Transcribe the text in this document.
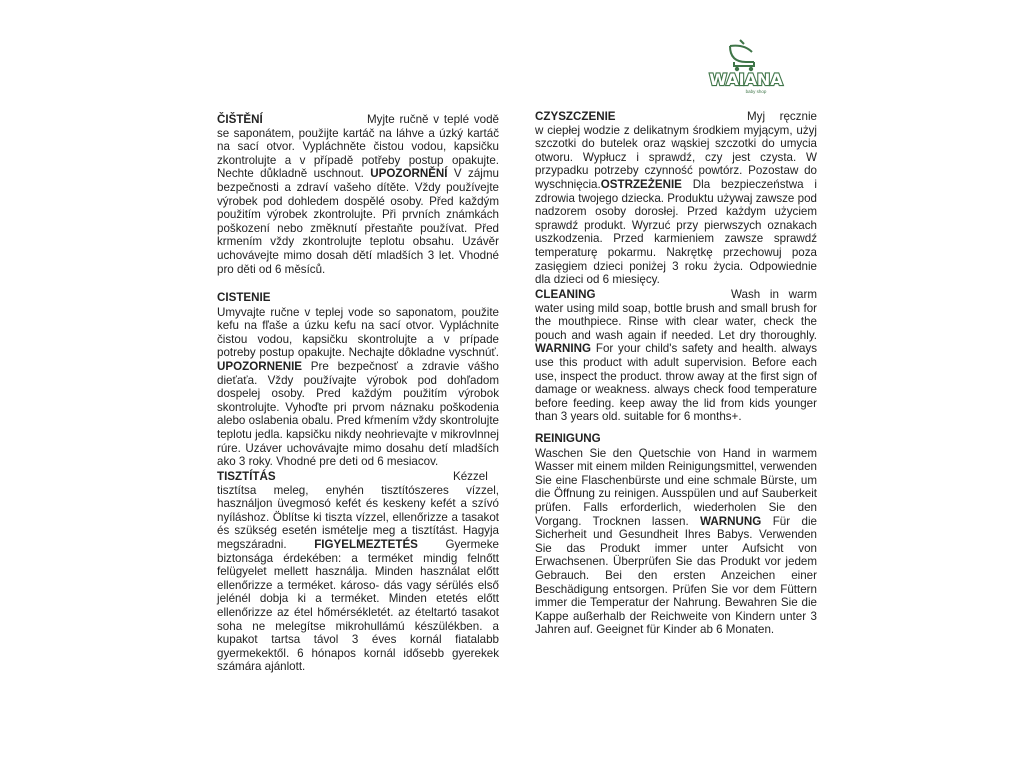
WAIANA
baby shop

ČIŠTĚNÍ	Myjte ručně v teplé vodě se saponátem, použijte kartáč na láhve a úzký kartáč na sací otvor. Vypláchněte čistou vodou, kapsičku zkontrolujte a v případě potřeby postup opakujte. Nechte důkladně uschnout. UPOZORNĚNÍ V zájmu bezpečnosti a zdraví vašeho dítěte. Vždy používejte výrobek pod dohledem dospělé osoby. Před každým použitím výrobek zkontrolujte. Při prvních známkách poškození nebo změknutí přestaňte používat. Před krmením vždy zkontrolujte teplotu obsahu. Uzávěr uchovávejte mimo dosah dětí mladších 3 let. Vhodné pro děti od 6 měsíců.

CISTENIE

Umyvajte ručne v teplej vode so saponatom, použite kefu na fľaše a úzku kefu na sací otvor. Vypláchnite čistou vodou, kapsičku skontrolujte a v prípade potreby postup opakujte. Nechajte dôkladne vyschnúť. UPOZORNENIE Pre bezpečnosť a zdravie vášho dieťaťa. Vždy používajte výrobok pod dohľadom dospelej osoby. Pred každým použitím výrobok skontrolujte. Vyhoďte pri prvom náznaku poškodenia alebo oslabenia obalu. Pred kŕmením vždy skontrolujte teplotu jedla. kapsičku nikdy neohrievajte v mikrovlnnej rúre. Uzáver uchovávajte mimo dosahu detí mladších ako 3 roky. Vhodné pre deti od 6 mesiacov.

TISZTÍTÁS	Kézzel tisztítsa meleg, enyhén tisztítószeres vízzel, használjon üvegmosó kefét és keskeny kefét a szívó nyíláshoz. Öblítse ki tiszta vízzel, ellenőrizze a tasakot és szükség esetén ismételje meg a tisztítást. Hagyja megszáradni. FIGYELMEZTETÉS Gyermeke biztonsága érdekében: a terméket mindig felnőtt felügyelet mellett használja. Minden használat előtt ellenőrizze a terméket. károso- dás vagy sérülés első jelénél dobja ki a terméket. Minden etetés előtt ellenőrizze az étel hőmérsékletét. az ételtartó tasakot soha ne melegítse mikrohullámú készülékben. a kupakot tartsa távol 3 éves kornál fiatalabb gyermekektől. 6 hónapos kornál idősebb gyerekek számára ajánlott.

CZYSZCZENIE	Myj ręcznie w ciepłej wodzie z delikatnym środkiem myjącym, użyj szczotki do butelek oraz wąskiej szczotki do umycia otworu. Wypłucz i sprawdź, czy jest czysta. W przypadku potrzeby czynność powtórz. Pozostaw do wyschnięcia.OSTRZEŻENIE Dla bezpieczeństwa i zdrowia twojego dziecka. Produktu używaj zawsze pod nadzorem osoby dorosłej. Przed każdym użyciem sprawdź produkt. Wyrzuć przy pierwszych oznakach uszkodzenia. Przed karmieniem zawsze sprawdź temperaturę pokarmu. Nakrętkę przechowuj poza zasięgiem dzieci poniżej 3 roku życia. Odpowiednie dla dzieci od 6 miesięcy.

CLEANING	Wash in warm water using mild soap, bottle brush and small brush for the mouthpiece. Rinse with clear water, check the pouch and wash again if needed. Let dry thoroughly. WARNING For your child's safety and health. always use this product with adult supervision. Before each use, inspect the product. throw away at the first sign of damage or weakness. always check food temperature before feeding. keep away the lid from kids younger than 3 years old. suitable for 6 months+.

REINIGUNG

Waschen Sie den Quetschie von Hand in warmem Wasser mit einem milden Reinigungsmittel, verwenden Sie eine Flaschenbürste und eine schmale Bürste, um die Öffnung zu reinigen. Ausspülen und auf Sauberkeit prüfen. Falls erforderlich, wiederholen Sie den Vorgang. Trocknen lassen. WARNUNG Für die Sicherheit und Gesundheit Ihres Babys. Verwenden Sie das Produkt immer unter Aufsicht von Erwachsenen. Überprüfen Sie das Produkt vor jedem Gebrauch. Bei den ersten Anzeichen einer Beschädigung entsorgen. Prüfen Sie vor dem Füttern immer die Temperatur der Nahrung. Bewahren Sie die Kappe außerhalb der Reichweite von Kindern unter 3 Jahren auf. Geeignet für Kinder ab 6 Monaten.
